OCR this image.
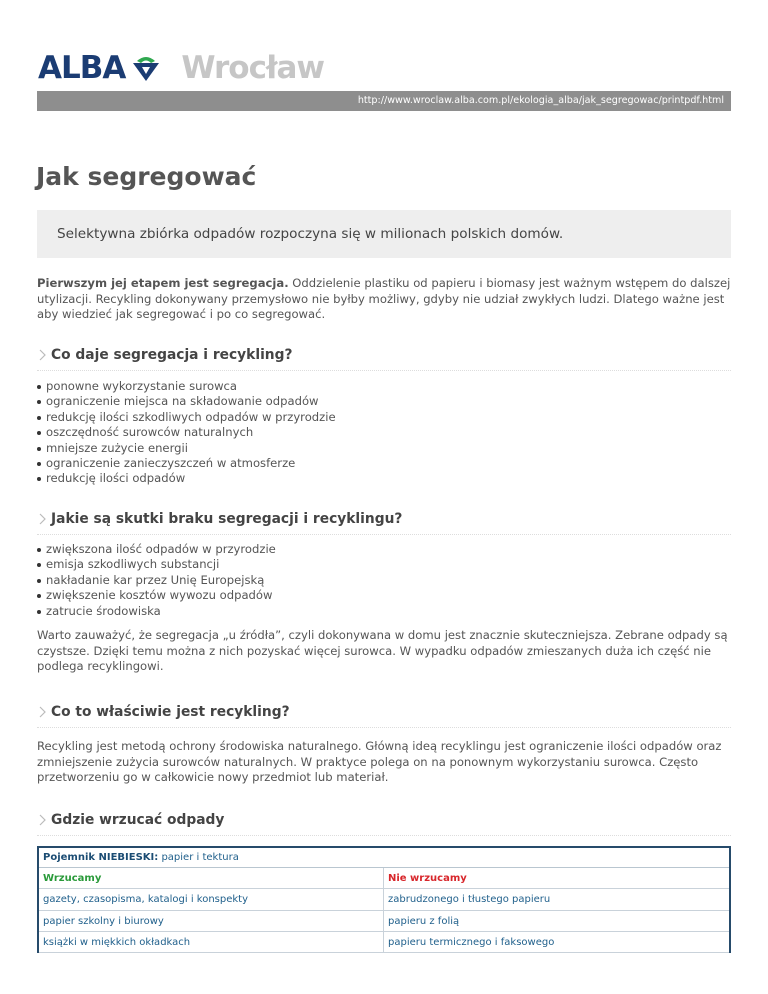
ALBA Wrocław
http://www.wroclaw.alba.com.pl/ekologia_alba/jak_segregowac/printpdf.html
Jak segregować
Selektywna zbiórka odpadów rozpoczyna się w milionach polskich domów.

Pierwszym jej etapem jest segregacja. Oddzielenie plastiku od papieru i biomasy jest ważnym wstępem do dalszej utylizacji. Recykling dokonywany przemysłowo nie byłby możliwy, gdyby nie udział zwykłych ludzi. Dlatego ważne jest aby wiedzieć jak segregować i po co segregować.

Co daje segregacja i recykling?
ponowne wykorzystanie surowca
ograniczenie miejsca na składowanie odpadów
redukcję ilości szkodliwych odpadów w przyrodzie
oszczędność surowców naturalnych
mniejsze zużycie energii
ograniczenie zanieczyszczeń w atmosferze
redukcję ilości odpadów
Jakie są skutki braku segregacji i recyklingu?
zwiększona ilość odpadów w przyrodzie
emisja szkodliwych substancji
nakładanie kar przez Unię Europejską
zwiększenie kosztów wywozu odpadów
zatrucie środowiska

Warto zauważyć, że segregacja „u źródła”, czyli dokonywana w domu jest znacznie skuteczniejsza. Zebrane odpady są czystsze. Dzięki temu można z nich pozyskać więcej surowca. W wypadku odpadów zmieszanych duża ich część nie podlega recyklingowi.

Co to właściwie jest recykling?

Recykling jest metodą ochrony środowiska naturalnego. Główną ideą recyklingu jest ograniczenie ilości odpadów oraz zmniejszenie zużycia surowców naturalnych. W praktyce polega on na ponownym wykorzystaniu surowca. Często przetworzeniu go w całkowicie nowy przedmiot lub materiał.

Gdzie wrzucać odpady
Pojemnik NIEBIESKI: papier i tektura
Wrzucamy	Nie wrzucamy
gazety, czasopisma, katalogi i konspekty	zabrudzonego i tłustego papieru
papier szkolny i biurowy	papieru z folią
książki w miękkich okładkach	papieru termicznego i faksowego
